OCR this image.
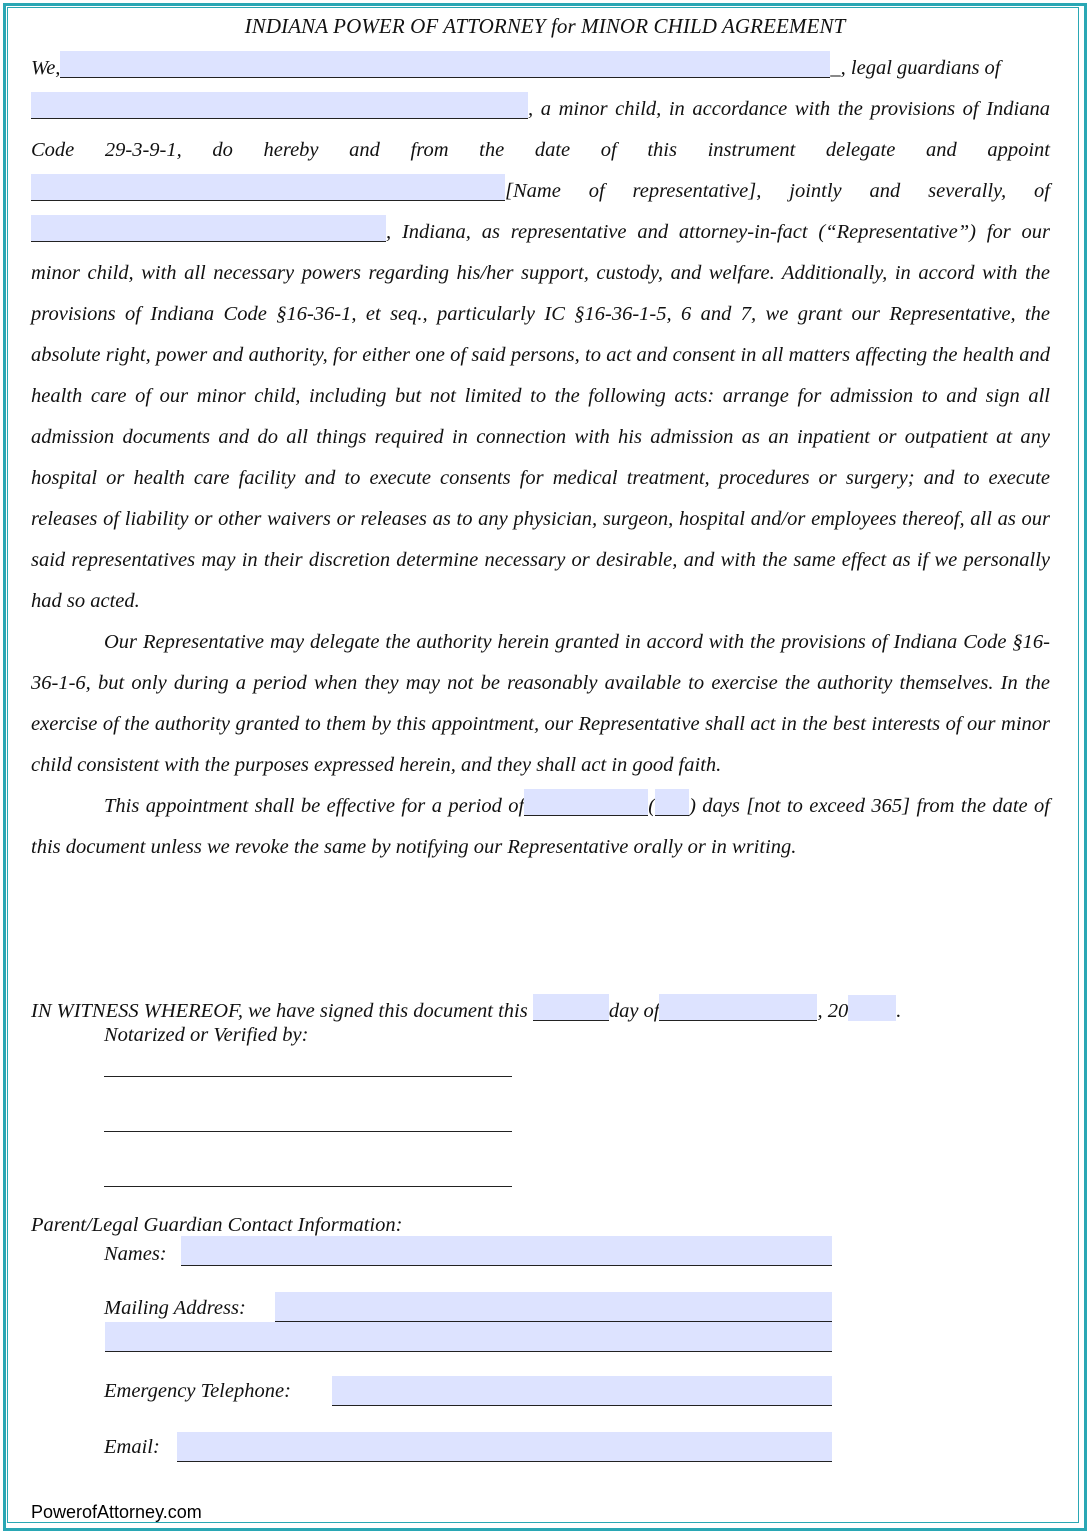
INDIANA POWER OF ATTORNEY for MINOR CHILD AGREEMENT

We,	_, legal guardians of
, a minor child, in accordance with the provisions of Indiana Code 29-3-9-1, do hereby and from the date of this instrument delegate and appoint [Name of representative], jointly and severally, of , Indiana, as representative and attorney-in-fact (“Representative”) for our minor child, with all necessary powers regarding his/her support, custody, and welfare. Additionally, in accord with the provisions of Indiana Code §16-36-1, et seq., particularly IC §16-36-1-5, 6 and 7, we grant our Representative, the absolute right, power and authority, for either one of said persons, to act and consent in all matters affecting the health and health care of our minor child, including but not limited to the following acts: arrange for admission to and sign all admission documents and do all things required in connection with his admission as an inpatient or outpatient at any hospital or health care facility and to execute consents for medical treatment, procedures or surgery; and to execute releases of liability or other waivers or releases as to any physician, surgeon, hospital and/or employees thereof, all as our said representatives may in their discretion determine necessary or desirable, and with the same effect as if we personally had so acted.

Our Representative may delegate the authority herein granted in accord with the provisions of Indiana Code §16-36-1-6, but only during a period when they may not be reasonably available to exercise the authority themselves. In the exercise of the authority granted to them by this appointment, our Representative shall act in the best interests of our minor child consistent with the purposes expressed herein, and they shall act in good faith.

This appointment shall be effective for a period of	( ) days [not to exceed 365] from the date of this document unless we revoke the same by notifying our Representative orally or in writing.

IN WITNESS WHEREOF, we have signed this document this	day of	, 20 .
Notarized or Verified by:
Parent/Legal Guardian Contact Information:
Names:
Mailing Address:
Emergency Telephone:
Email:
PowerofAttorney.com
